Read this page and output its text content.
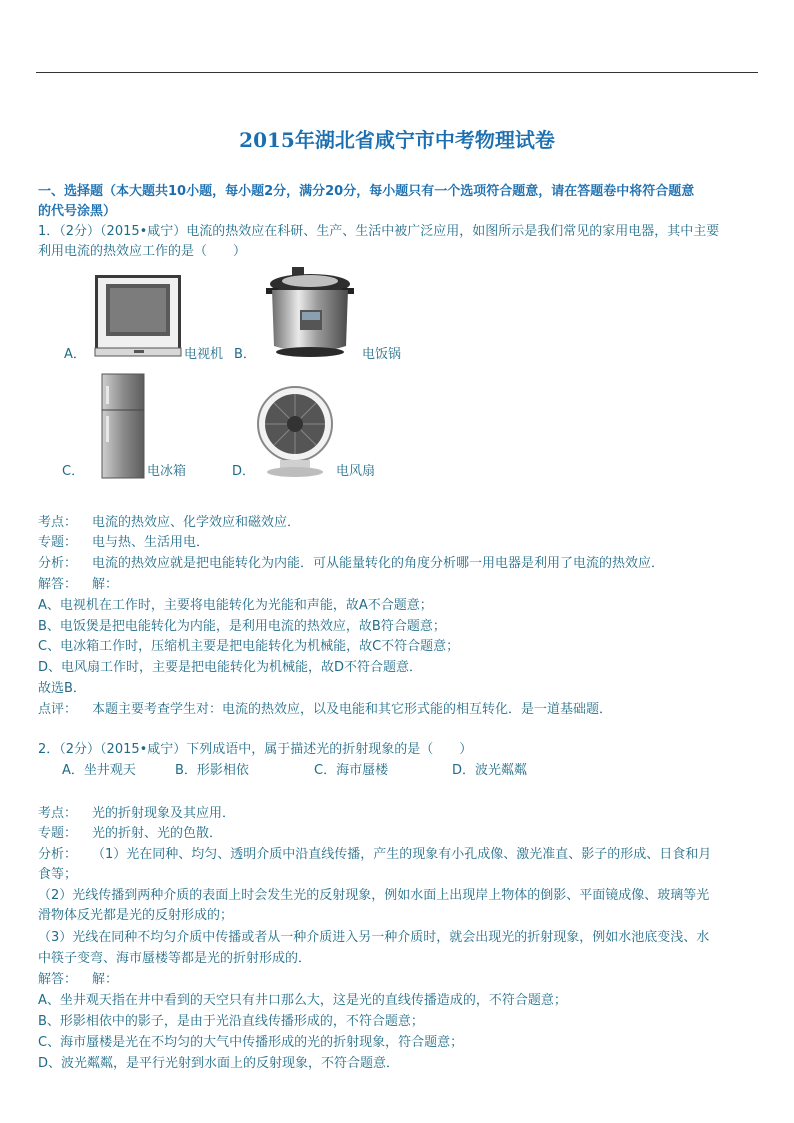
2015年湖北省咸宁市中考物理试卷
一、选择题（本大题共10小题，每小题2分，满分20分，每小题只有一个选项符合题意，请在答题卷中将符合题意
的代号涂黑）
1．（2分）（2015•咸宁）电流的热效应在科研、生产、生活中被广泛应用，如图所示是我们常见的家用电器，其中主要
利用电流的热效应工作的是（　　）
A．	电视机 B．	电饭锅
C．	电冰箱	D．	电风扇
考点： 电流的热效应、化学效应和磁效应．
专题： 电与热、生活用电．
分析： 电流的热效应就是把电能转化为内能．可从能量转化的角度分析哪一用电器是利用了电流的热效应．
解答： 解：
A、电视机在工作时，主要将电能转化为光能和声能，故A不合题意；
B、电饭煲是把电能转化为内能，是利用电流的热效应，故B符合题意；
C、电冰箱工作时，压缩机主要是把电能转化为机械能，故C不符合题意；
D、电风扇工作时，主要是把电能转化为机械能，故D不符合题意．
故选B．
点评： 本题主要考查学生对：电流的热效应，以及电能和其它形式能的相互转化．是一道基础题．
2．（2分）（2015•咸宁）下列成语中，属于描述光的折射现象的是（　　）
A．坐井观天	B．形影相依	C．海市蜃楼	D．波光粼粼
考点： 光的折射现象及其应用．
专题： 光的折射、光的色散．
分析： （1）光在同种、均匀、透明介质中沿直线传播，产生的现象有小孔成像、激光准直、影子的形成、日食和月
食等；
（2）光线传播到两种介质的表面上时会发生光的反射现象，例如水面上出现岸上物体的倒影、平面镜成像、玻璃等光
滑物体反光都是光的反射形成的；
（3）光线在同种不均匀介质中传播或者从一种介质进入另一种介质时，就会出现光的折射现象，例如水池底变浅、水
中筷子变弯、海市蜃楼等都是光的折射形成的．
解答： 解：
A、坐井观天指在井中看到的天空只有井口那么大，这是光的直线传播造成的，不符合题意；
B、形影相依中的影子，是由于光沿直线传播形成的，不符合题意；
C、海市蜃楼是光在不均匀的大气中传播形成的光的折射现象，符合题意；
D、波光粼粼，是平行光射到水面上的反射现象，不符合题意．
